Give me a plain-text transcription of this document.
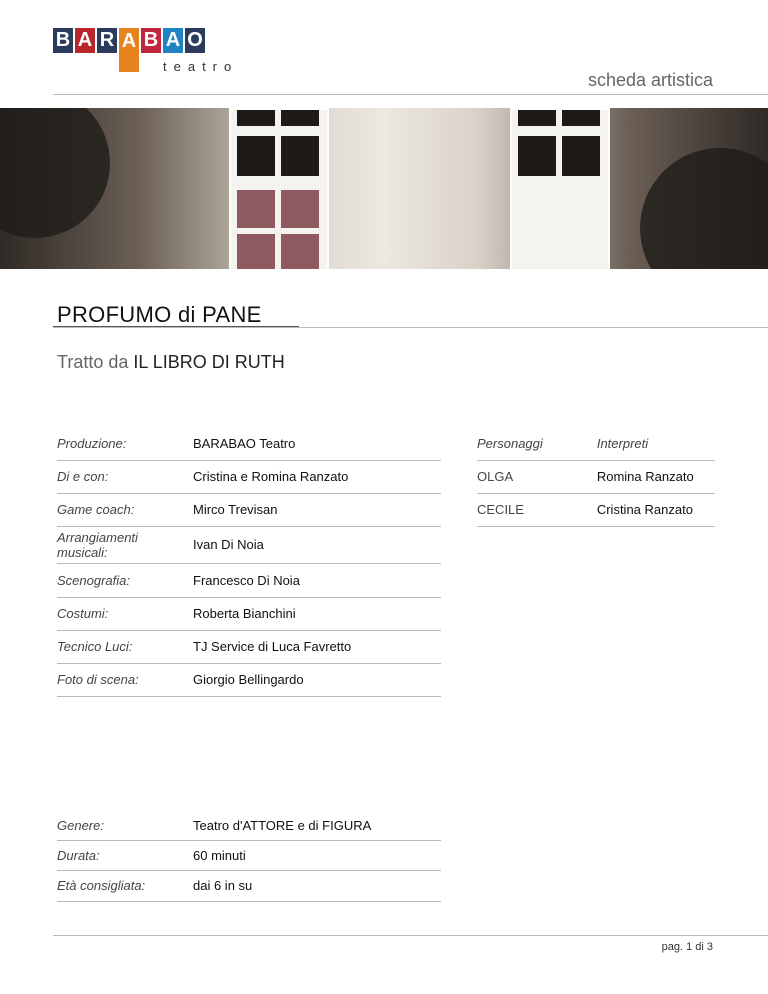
B A R A B A O
teatro
scheda artistica
PROFUMO di PANE
Tratto da IL LIBRO DI RUTH
Produzione:	BARABAO Teatro
Di e con:	Cristina e Romina Ranzato
Game coach:	Mirco Trevisan
Arrangiamenti musicali:	Ivan Di Noia
Scenografia:	Francesco Di Noia
Costumi:	Roberta Bianchini
Tecnico Luci:	TJ Service di Luca Favretto
Foto di scena:	Giorgio Bellingardo
Personaggi	Interpreti
OLGA	Romina Ranzato
CECILE	Cristina Ranzato
Genere:	Teatro d'ATTORE e di FIGURA
Durata:	60 minuti
Età consigliata:	dai 6 in su
pag. 1 di 3
